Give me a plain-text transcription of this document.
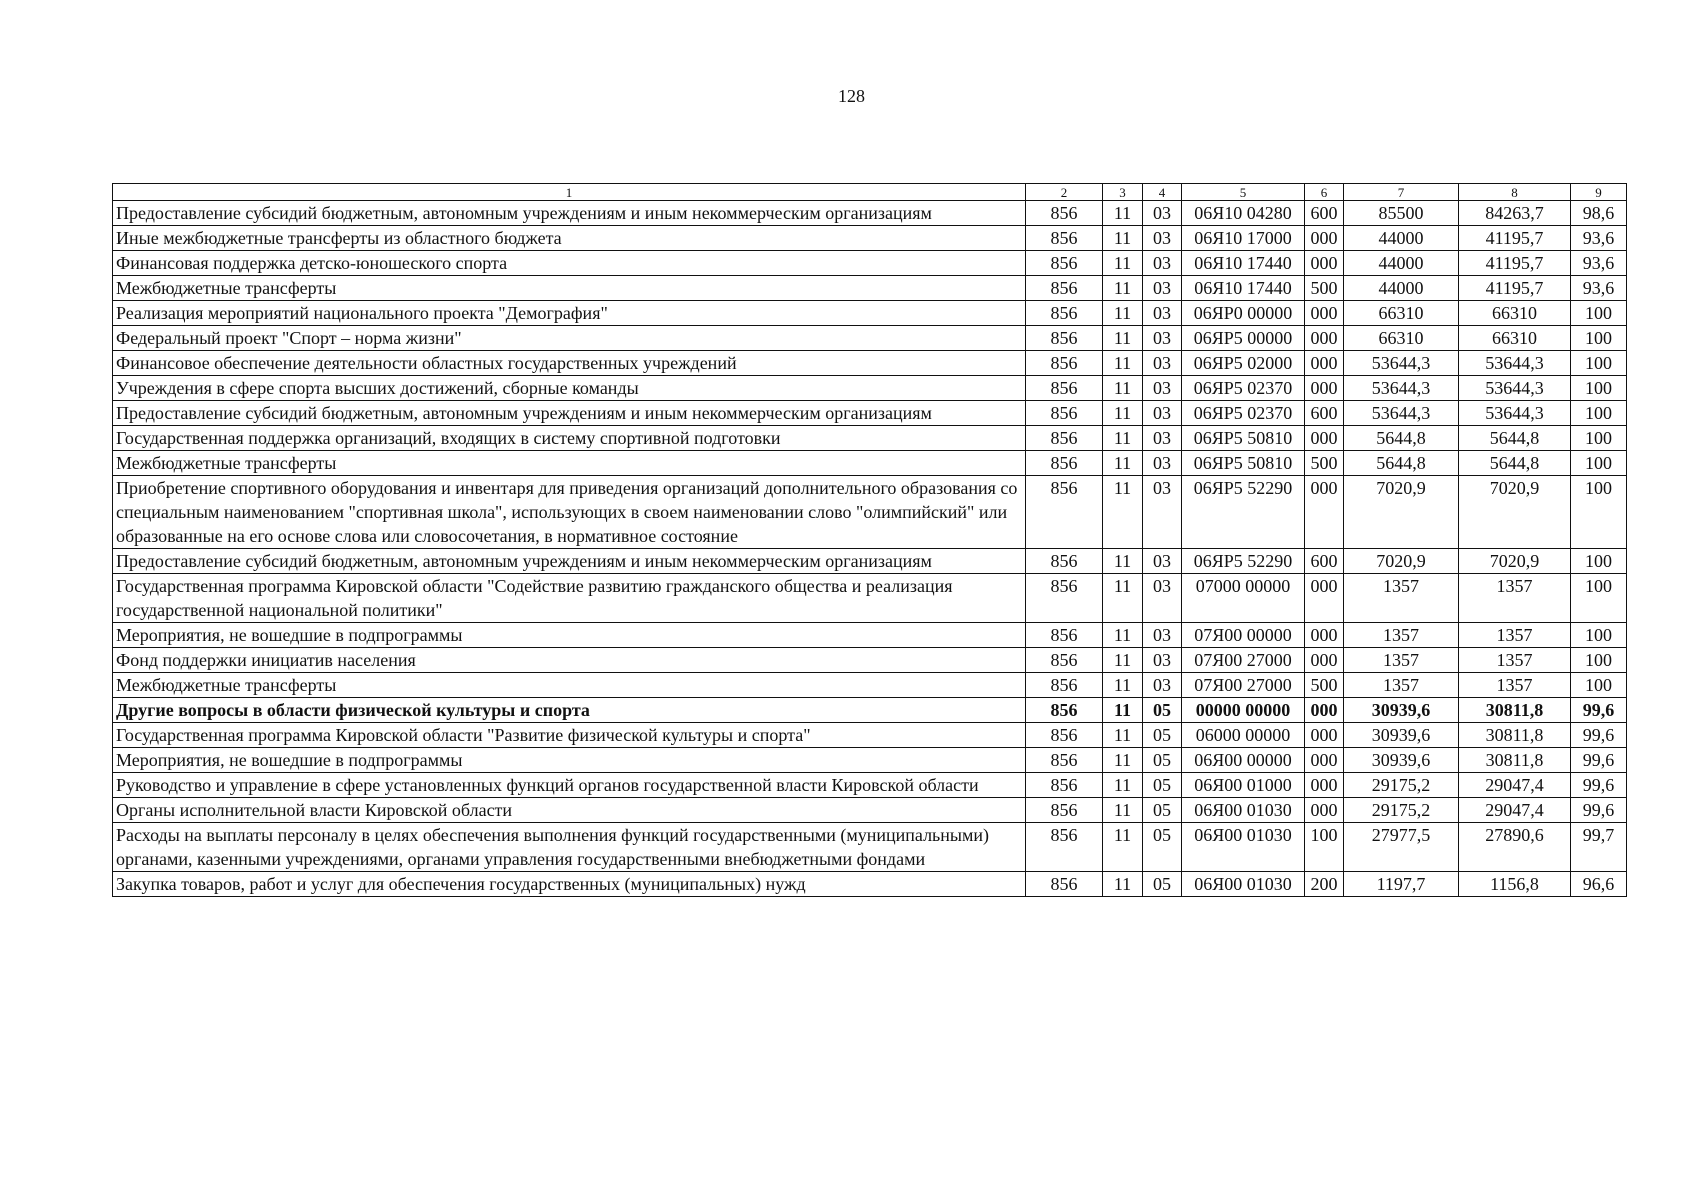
128
1	2	3	4	5	6	7	8	9
Предоставление субсидий бюджетным, автономным учреждениям и иным некоммерческим организациям	856	11	03	06Я10 04280	600	85500	84263,7	98,6
Иные межбюджетные трансферты из областного бюджета	856	11	03	06Я10 17000	000	44000	41195,7	93,6
Финансовая поддержка детско-юношеского спорта	856	11	03	06Я10 17440	000	44000	41195,7	93,6
Межбюджетные трансферты	856	11	03	06Я10 17440	500	44000	41195,7	93,6
Реализация мероприятий национального проекта "Демография"	856	11	03	06ЯР0 00000	000	66310	66310	100
Федеральный проект "Спорт – норма жизни"	856	11	03	06ЯР5 00000	000	66310	66310	100
Финансовое обеспечение деятельности областных государственных учреждений	856	11	03	06ЯР5 02000	000	53644,3	53644,3	100
Учреждения в сфере спорта высших достижений, сборные команды	856	11	03	06ЯР5 02370	000	53644,3	53644,3	100
Предоставление субсидий бюджетным, автономным учреждениям и иным некоммерческим организациям	856	11	03	06ЯР5 02370	600	53644,3	53644,3	100
Государственная поддержка организаций, входящих в систему спортивной подготовки	856	11	03	06ЯР5 50810	000	5644,8	5644,8	100
Межбюджетные трансферты	856	11	03	06ЯР5 50810	500	5644,8	5644,8	100
Приобретение спортивного оборудования и инвентаря для приведения организаций дополнительного образования со специальным наименованием "спортивная школа", использующих в своем наименовании слово "олимпийский" или образованные на его основе слова или словосочетания, в нормативное состояние	856	11	03	06ЯР5 52290	000	7020,9	7020,9	100
Предоставление субсидий бюджетным, автономным учреждениям и иным некоммерческим организациям	856	11	03	06ЯР5 52290	600	7020,9	7020,9	100
Государственная программа Кировской области "Содействие развитию гражданского общества и реализация государственной национальной политики"	856	11	03	07000 00000	000	1357	1357	100
Мероприятия, не вошедшие в подпрограммы	856	11	03	07Я00 00000	000	1357	1357	100
Фонд поддержки инициатив населения	856	11	03	07Я00 27000	000	1357	1357	100
Межбюджетные трансферты	856	11	03	07Я00 27000	500	1357	1357	100
Другие вопросы в области физической культуры и спорта	856	11	05	00000 00000	000	30939,6	30811,8	99,6
Государственная программа Кировской области "Развитие физической культуры и спорта"	856	11	05	06000 00000	000	30939,6	30811,8	99,6
Мероприятия, не вошедшие в подпрограммы	856	11	05	06Я00 00000	000	30939,6	30811,8	99,6
Руководство и управление в сфере установленных функций органов государственной власти Кировской области	856	11	05	06Я00 01000	000	29175,2	29047,4	99,6
Органы исполнительной власти Кировской области	856	11	05	06Я00 01030	000	29175,2	29047,4	99,6
Расходы на выплаты персоналу в целях обеспечения выполнения функций государственными (муниципальными) органами, казенными учреждениями, органами управления государственными внебюджетными фондами	856	11	05	06Я00 01030	100	27977,5	27890,6	99,7
Закупка товаров, работ и услуг для обеспечения государственных (муниципальных) нужд	856	11	05	06Я00 01030	200	1197,7	1156,8	96,6
